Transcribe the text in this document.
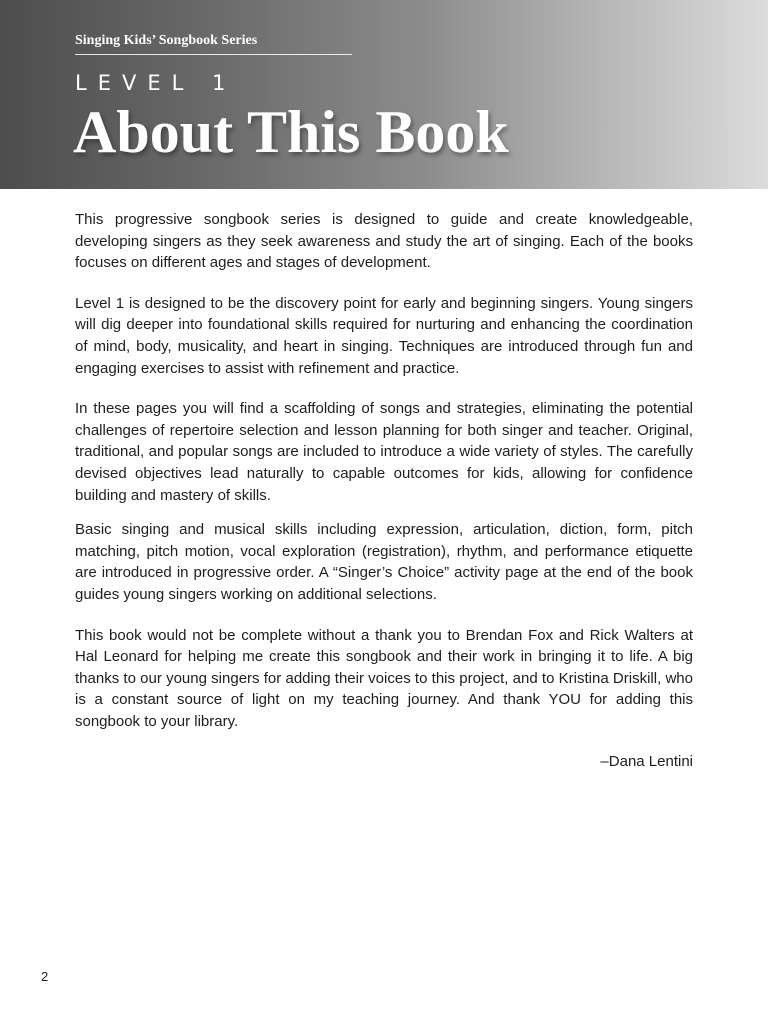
Singing Kids’ Songbook Series
LEVEL 1
About This Book

This progressive songbook series is designed to guide and create knowledgeable, developing singers as they seek awareness and study the art of singing. Each of the books focuses on different ages and stages of development.

Level 1 is designed to be the discovery point for early and beginning singers. Young singers will dig deeper into foundational skills required for nurturing and enhancing the coordination of mind, body, musicality, and heart in singing. Techniques are introduced through fun and engaging exercises to assist with refinement and practice.

In these pages you will find a scaffolding of songs and strategies, eliminating the potential challenges of repertoire selection and lesson planning for both singer and teacher. Original, traditional, and popular songs are included to introduce a wide variety of styles. The carefully devised objectives lead naturally to capable outcomes for kids, allowing for confidence building and mastery of skills.

Basic singing and musical skills including expression, articulation, diction, form, pitch matching, pitch motion, vocal exploration (registration), rhythm, and performance etiquette are introduced in progressive order. A “Singer’s Choice” activity page at the end of the book guides young singers working on additional selections.

This book would not be complete without a thank you to Brendan Fox and Rick Walters at Hal Leonard for helping me create this songbook and their work in bringing it to life. A big thanks to our young singers for adding their voices to this project, and to Kristina Driskill, who is a constant source of light on my teaching journey. And thank YOU for adding this songbook to your library.

–Dana Lentini

2
